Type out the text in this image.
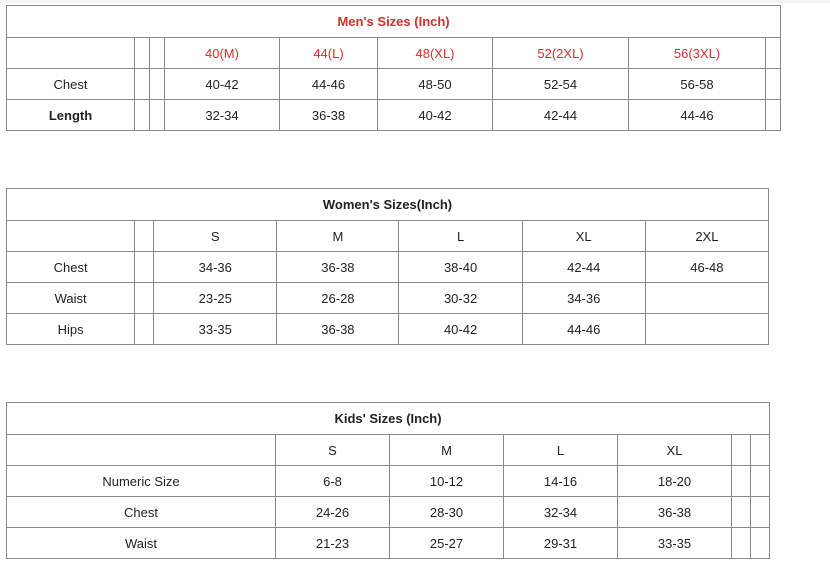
Men's Sizes (Inch)								
			40(M)	44(L)	48(XL)	52(2XL)	56(3XL)	
Chest			40-42	44-46	48-50	52-54	56-58	
Length			32-34	36-38	40-42	42-44	44-46	
Women's Sizes(Inch)						
		S	M	L	XL	2XL
Chest		34-36	36-38	38-40	42-44	46-48
Waist		23-25	26-28	30-32	34-36	
Hips		33-35	36-38	40-42	44-46	
Kids' Sizes (Inch)						
	S	M	L	XL		
Numeric Size	6-8	10-12	14-16	18-20		
Chest	24-26	28-30	32-34	36-38		
Waist	21-23	25-27	29-31	33-35		
